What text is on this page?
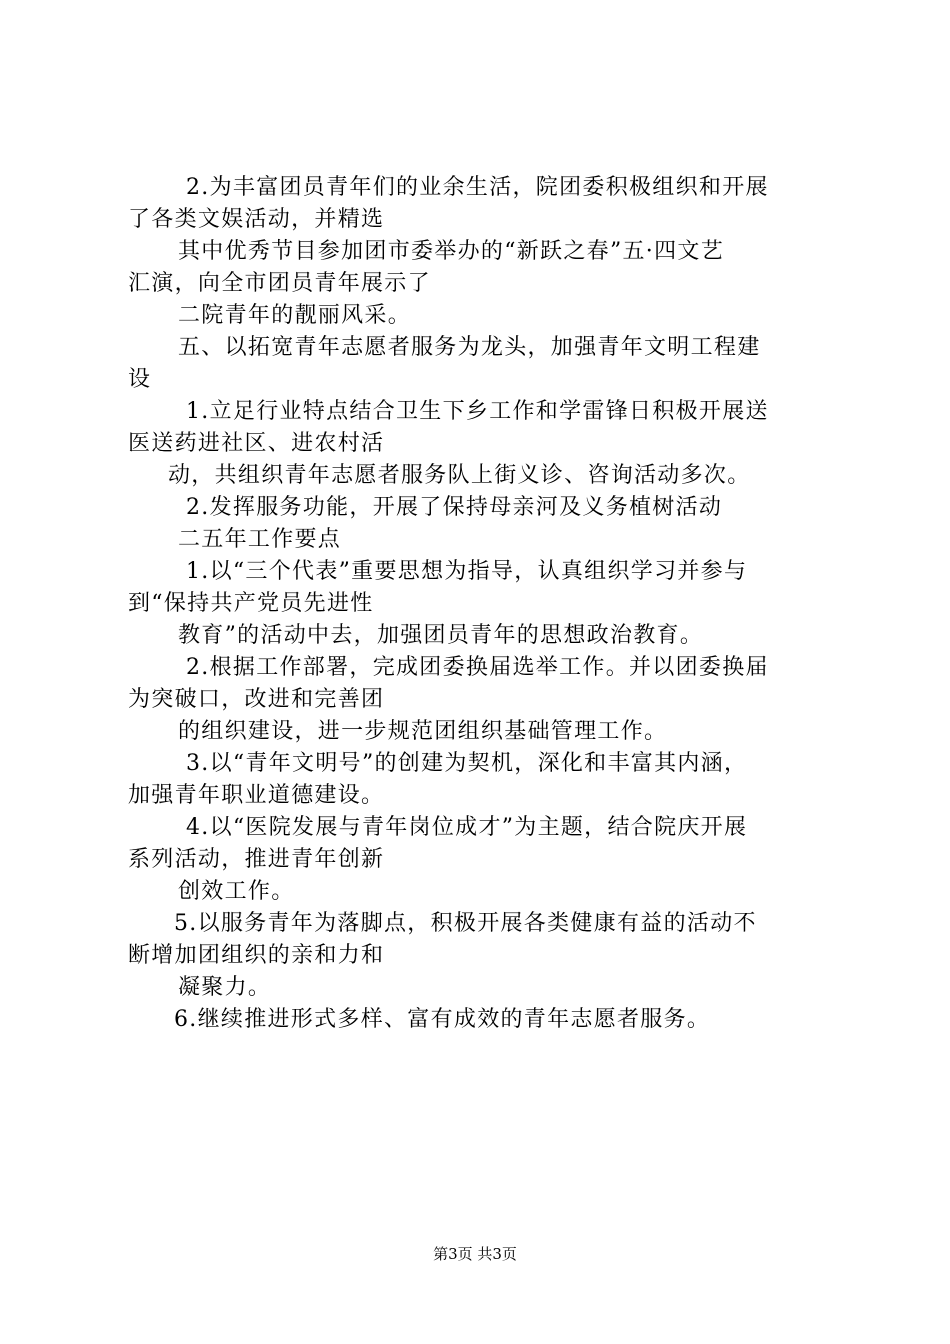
2.为丰富团员青年们的业余生活，院团委积极组织和开展
了各类文娱活动，并精选
其中优秀节目参加团市委举办的“新跃之春”五·四文艺
汇演，向全市团员青年展示了
二院青年的靓丽风采。
五、以拓宽青年志愿者服务为龙头，加强青年文明工程建
设
1.立足行业特点结合卫生下乡工作和学雷锋日积极开展送
医送药进社区、进农村活
动，共组织青年志愿者服务队上街义诊、咨询活动多次。
2.发挥服务功能，开展了保持母亲河及义务植树活动
二五年工作要点
1.以“三个代表”重要思想为指导，认真组织学习并参与
到“保持共产党员先进性
教育”的活动中去，加强团员青年的思想政治教育。
2.根据工作部署，完成团委换届选举工作。并以团委换届
为突破口，改进和完善团
的组织建设，进一步规范团组织基础管理工作。
3.以“青年文明号”的创建为契机，深化和丰富其内涵，
加强青年职业道德建设。
4.以“医院发展与青年岗位成才”为主题，结合院庆开展
系列活动，推进青年创新
创效工作。
5.以服务青年为落脚点，积极开展各类健康有益的活动不
断增加团组织的亲和力和
凝聚力。
6.继续推进形式多样、富有成效的青年志愿者服务。
第3页 共3页
